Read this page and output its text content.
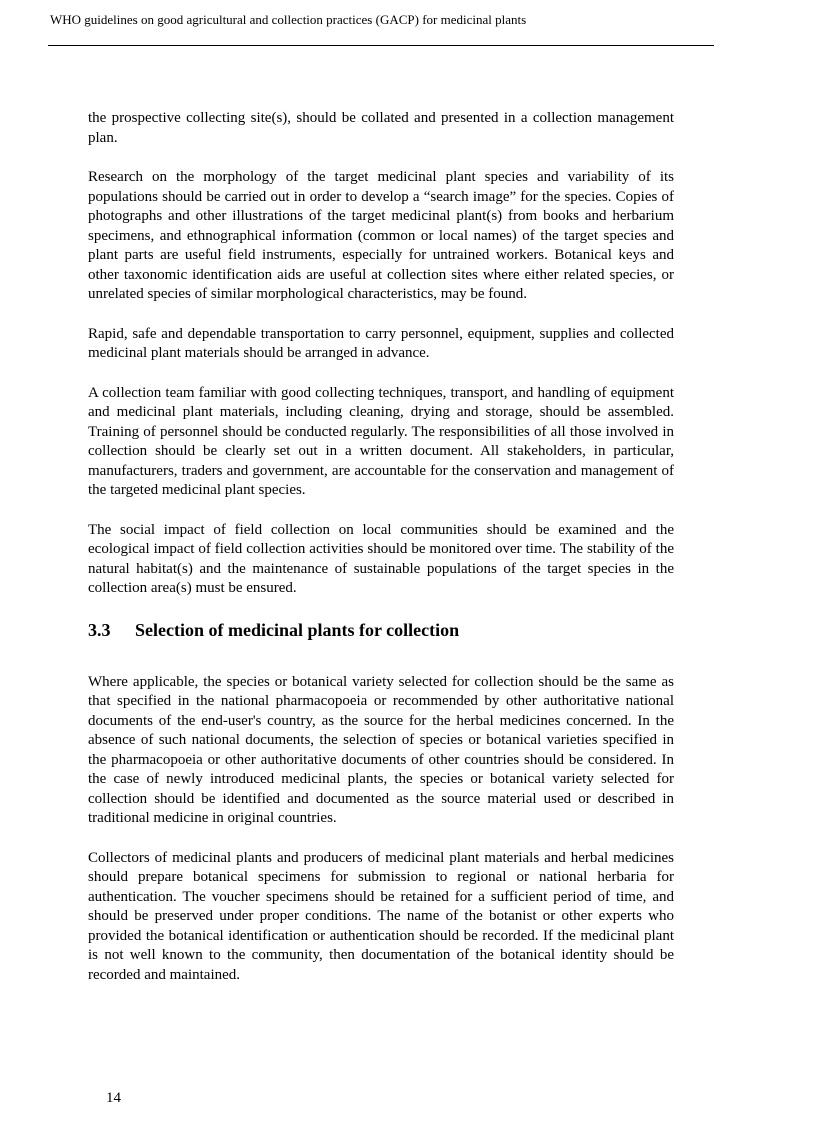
WHO guidelines on good agricultural and collection practices (GACP) for medicinal plants

the prospective collecting site(s), should be collated and presented in a collection management plan.

Research on the morphology of the target medicinal plant species and variability of its populations should be carried out in order to develop a “search image” for the species. Copies of photographs and other illustrations of the target medicinal plant(s) from books and herbarium specimens, and ethnographical information (common or local names) of the target species and plant parts are useful field instruments, especially for untrained workers. Botanical keys and other taxonomic identification aids are useful at collection sites where either related species, or unrelated species of similar morphological characteristics, may be found.

Rapid, safe and dependable transportation to carry personnel, equipment, supplies and collected medicinal plant materials should be arranged in advance.

A collection team familiar with good collecting techniques, transport, and handling of equipment and medicinal plant materials, including cleaning, drying and storage, should be assembled. Training of personnel should be conducted regularly. The responsibilities of all those involved in collection should be clearly set out in a written document. All stakeholders, in particular, manufacturers, traders and government, are accountable for the conservation and management of the targeted medicinal plant species.

The social impact of field collection on local communities should be examined and the ecological impact of field collection activities should be monitored over time. The stability of the natural habitat(s) and the maintenance of sustainable populations of the target species in the collection area(s) must be ensured.

3.3 Selection of medicinal plants for collection

Where applicable, the species or botanical variety selected for collection should be the same as that specified in the national pharmacopoeia or recommended by other authoritative national documents of the end-user's country, as the source for the herbal medicines concerned. In the absence of such national documents, the selection of species or botanical varieties specified in the pharmacopoeia or other authoritative documents of other countries should be considered. In the case of newly introduced medicinal plants, the species or botanical variety selected for collection should be identified and documented as the source material used or described in traditional medicine in original countries.

Collectors of medicinal plants and producers of medicinal plant materials and herbal medicines should prepare botanical specimens for submission to regional or national herbaria for authentication. The voucher specimens should be retained for a sufficient period of time, and should be preserved under proper conditions. The name of the botanist or other experts who provided the botanical identification or authentication should be recorded. If the medicinal plant is not well known to the community, then documentation of the botanical identity should be recorded and maintained.

14
